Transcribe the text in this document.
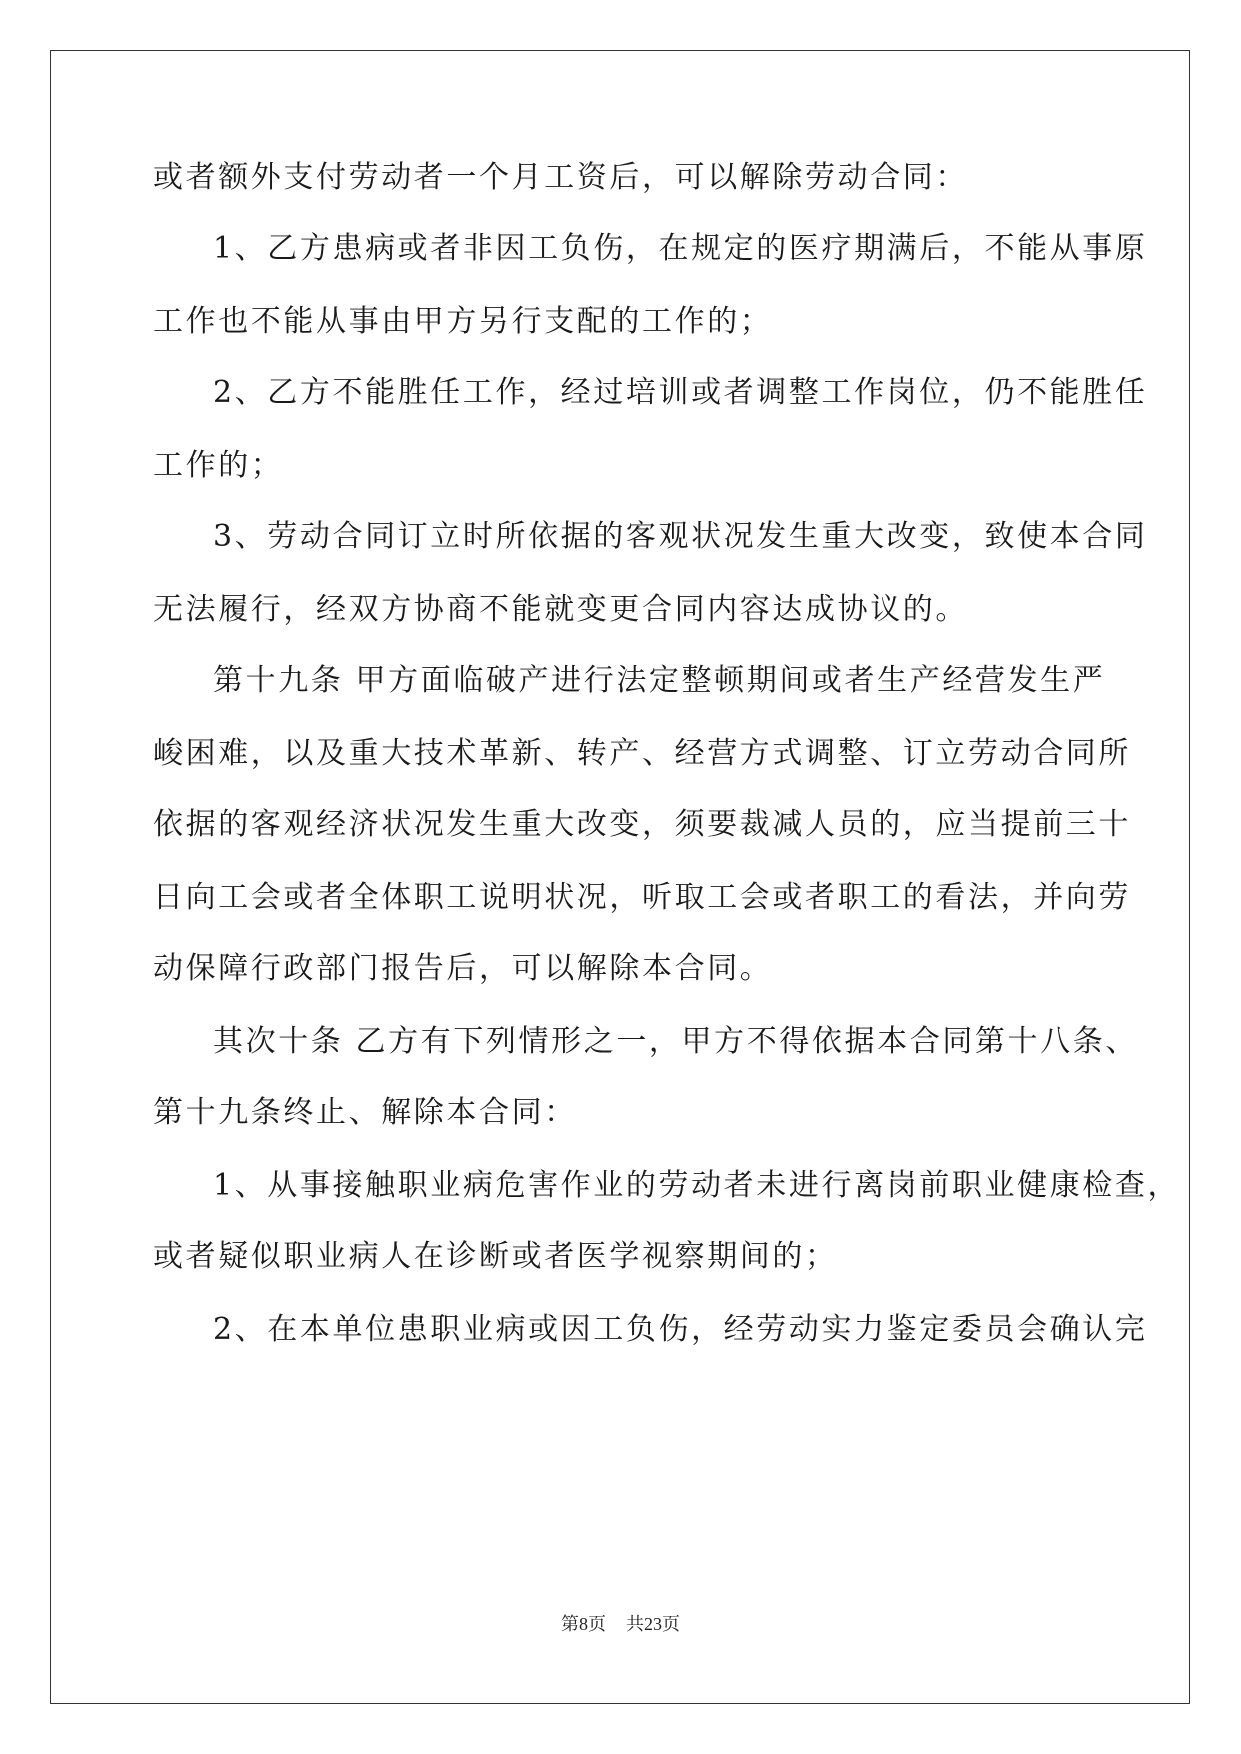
或者额外支付劳动者一个月工资后，可以解除劳动合同：
1、乙方患病或者非因工负伤，在规定的医疗期满后，不能从事原
工作也不能从事由甲方另行支配的工作的；
2、乙方不能胜任工作，经过培训或者调整工作岗位，仍不能胜任
工作的；
3、劳动合同订立时所依据的客观状况发生重大改变，致使本合同
无法履行，经双方协商不能就变更合同内容达成协议的。
第十九条 甲方面临破产进行法定整顿期间或者生产经营发生严
峻困难，以及重大技术革新、转产、经营方式调整、订立劳动合同所
依据的客观经济状况发生重大改变，须要裁减人员的，应当提前三十
日向工会或者全体职工说明状况，听取工会或者职工的看法，并向劳
动保障行政部门报告后，可以解除本合同。
其次十条 乙方有下列情形之一，甲方不得依据本合同第十八条、
第十九条终止、解除本合同：
1、从事接触职业病危害作业的劳动者未进行离岗前职业健康检查，
或者疑似职业病人在诊断或者医学视察期间的；
2、在本单位患职业病或因工负伤，经劳动实力鉴定委员会确认完
第8页 共23页
